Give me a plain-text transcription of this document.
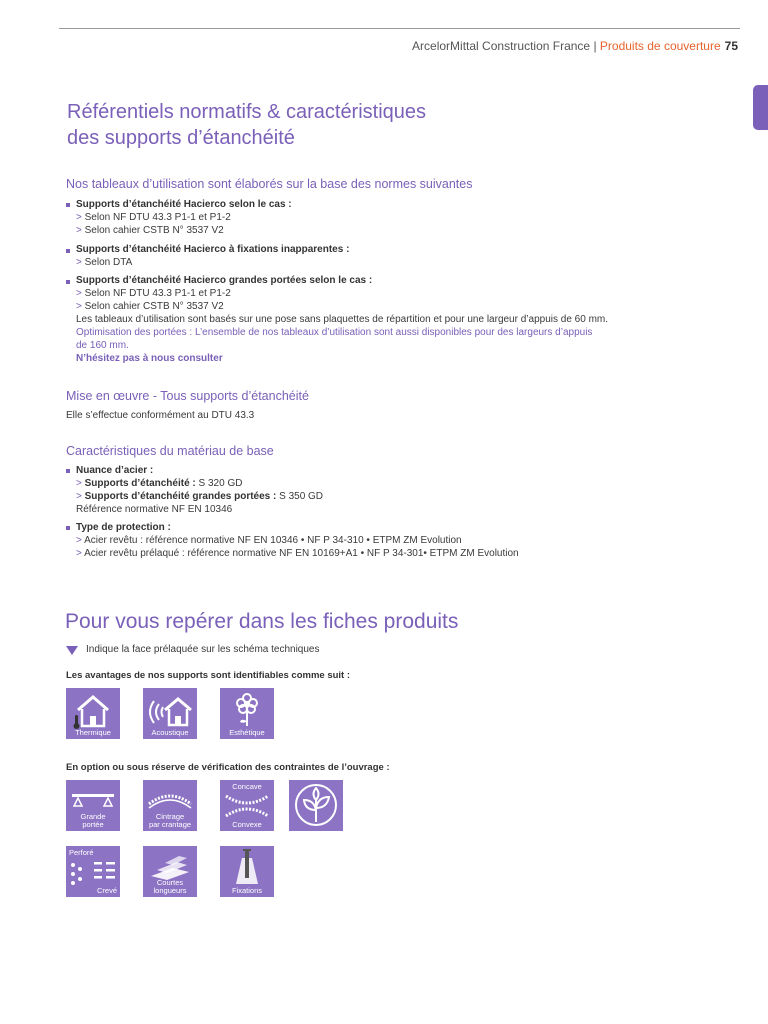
ArcelorMittal Construction France | Produits de couverture 75
Référentiels normatifs & caractéristiques
des supports d’étanchéité
Nos tableaux d’utilisation sont élaborés sur la base des normes suivantes
Supports d’étanchéité Hacierco selon le cas :
> Selon NF DTU 43.3 P1-1 et P1-2
> Selon cahier CSTB N° 3537 V2
Supports d’étanchéité Hacierco à fixations inapparentes :
> Selon DTA
Supports d’étanchéité Hacierco grandes portées selon le cas :
> Selon NF DTU 43.3 P1-1 et P1-2
> Selon cahier CSTB N° 3537 V2
Les tableaux d’utilisation sont basés sur une pose sans plaquettes de répartition et pour une largeur d’appuis de 60 mm.
Optimisation des portées : L’ensemble de nos tableaux d’utilisation sont aussi disponibles pour des largeurs d’appuis
de 160 mm.
N’hésitez pas à nous consulter
Mise en œuvre - Tous supports d’étanchéité
Elle s’effectue conformément au DTU 43.3
Caractéristiques du matériau de base
Nuance d’acier :
> Supports d’étanchéité : S 320 GD
> Supports d’étanchéité grandes portées : S 350 GD
Référence normative NF EN 10346
Type de protection :
> Acier revêtu : référence normative NF EN 10346 • NF P 34-310 • ETPM ZM Evolution
> Acier revêtu prélaqué : référence normative NF EN 10169+A1 • NF P 34-301• ETPM ZM Evolution
Pour vous repérer dans les fiches produits
Indique la face prélaquée sur les schéma techniques
Les avantages de nos supports sont identifiables comme suit :
Thermique	Acoustique	Esthétique
En option ou sous réserve de vérification des contraintes de l’ouvrage :
Grande
portée
Cintrage
par crantage
Concave
Convexe
Perforé
Crevé
Courtes
longueurs	Fixations
